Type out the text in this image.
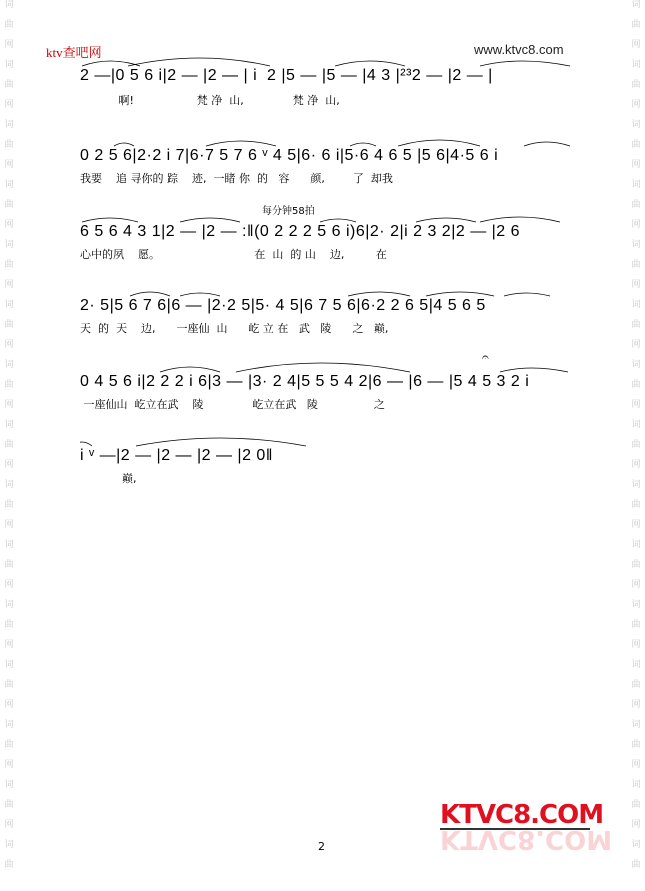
词
曲
网
词
曲
网
词
曲
网
词
曲
网
词
曲
网
词
曲
网
词
曲
网
词
曲
网
词
曲
网
词
曲
网
词
曲
网
词
曲
网
词
曲
网
词
曲
网
词
曲
词
曲
网
词
曲
网
词
曲
网
词
曲
网
词
曲
网
词
曲
网
词
曲
网
词
曲
网
词
曲
网
词
曲
网
词
曲
网
词
曲
网
词
曲
网
词
曲
网
词
曲
ktv查吧网	www.ktvc8.com
2 —|0 5 6 i|2 — |2 — | i  2 |5 — |5 — |4 3 |²³2 — |2 — |
啊!                  梵 净  山,              梵 净  山,
0 2 5 6|2·2 i 7|6·7 5 7 6 ᵛ 4 5|6· 6 i|5·6 4 6 5 |5 6|4·5 6 i
我要    追 寻你的 踪    迹,  一睹 你  的   容      颜,        了  却我
每分钟58拍
6 5 6 4 3 1|2 — |2 — :‖(0 2 2 2 5 6 i)6|2· 2|i 2 3 2|2 — |2 6
心中的夙    愿。                           在  山  的 山    边,         在
2· 5|5 6 7 6|6 — |2·2 5|5· 4 5|6 7 5 6|6·2 2 6 5|4 5 6 5
天  的  天    边,      一座仙  山      屹 立 在   武   陵      之   巅,
𝄐
0 4 5 6 i|2 2 2 i 6|3 — |3· 2 4|5 5 5 4 2|6 — |6 — |5 4 5 3 2 i
一座仙山  屹立在武    陵              屹立在武   陵                之
i ᵛ —|2 — |2 — |2 — |2 0‖
巅,
KTVC8.COM
KTVC8.COM
2
